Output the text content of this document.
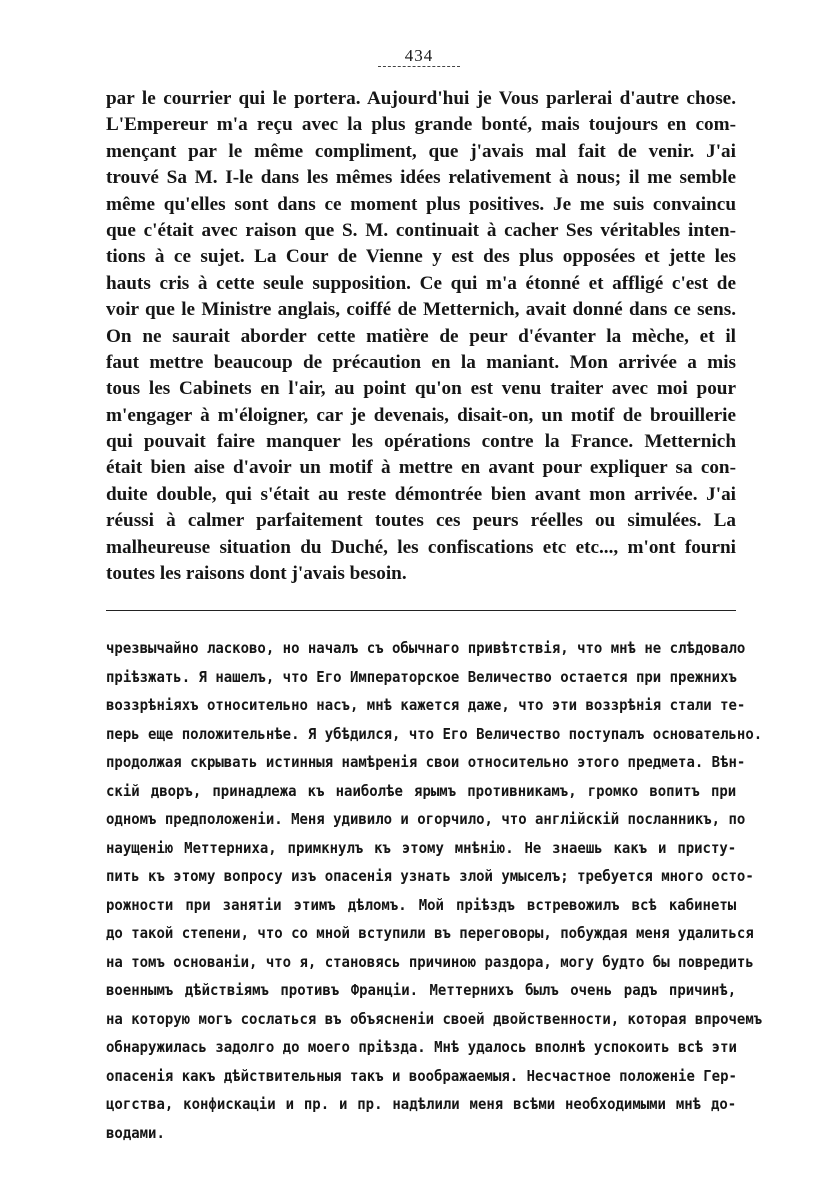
434
par le courrier qui le portera. Aujourd'hui je Vous parlerai d'autre chose.
L'Empereur m'a reçu avec la plus grande bonté, mais toujours en com-
mençant par le même compliment, que j'avais mal fait de venir. J'ai
trouvé Sa M. I-le dans les mêmes idées relativement à nous; il me semble
même qu'elles sont dans ce moment plus positives. Je me suis convaincu
que c'était avec raison que S. M. continuait à cacher Ses véritables inten-
tions à ce sujet. La Cour de Vienne y est des plus opposées et jette les
hauts cris à cette seule supposition. Ce qui m'a étonné et affligé c'est de
voir que le Ministre anglais, coiffé de Metternich, avait donné dans ce sens.
On ne saurait aborder cette matière de peur d'évanter la mèche, et il
faut mettre beaucoup de précaution en la maniant. Mon arrivée a mis
tous les Cabinets en l'air, au point qu'on est venu traiter avec moi pour
m'engager à m'éloigner, car je devenais, disait-on, un motif de brouillerie
qui pouvait faire manquer les opérations contre la France. Metternich
était bien aise d'avoir un motif à mettre en avant pour expliquer sa con-
duite double, qui s'était au reste démontrée bien avant mon arrivée. J'ai
réussi à calmer parfaitement toutes ces peurs réelles ou simulées. La
malheureuse situation du Duché, les confiscations etc etc..., m'ont fourni
toutes les raisons dont j'avais besoin.
чрезвычайно ласково, но началъ съ обычнаго привѣтствія, что мнѣ не слѣдовало
пріѣзжать. Я нашелъ, что Его Императорское Величество остается при прежнихъ
воззрѣніяхъ относительно насъ, мнѣ кажется даже, что эти воззрѣнія стали те-
перь еще положительнѣе. Я убѣдился, что Его Величество поступалъ основательно.
продолжая скрывать истинныя намѣренія свои относительно этого предмета. Вѣн-
скій дворъ, принадлежа къ наиболѣе ярымъ противникамъ, громко вопитъ при
одномъ предположеніи. Меня удивило и огорчило, что англійскій посланникъ, по
наущенію Меттерниха, примкнулъ къ этому мнѣнію. Не знаешь какъ и присту-
пить къ этому вопросу изъ опасенія узнать злой умыселъ; требуется много осто-
рожности при занятіи этимъ дѣломъ. Мой пріѣздъ встревожилъ всѣ кабинеты
до такой степени, что со мной вступили въ переговоры, побуждая меня удалиться
на томъ основаніи, что я, становясь причиною раздора, могу будто бы повредить
военнымъ дѣйствіямъ противъ Франціи. Меттернихъ былъ очень радъ причинѣ,
на которую могъ сослаться въ объясненіи своей двойственности, которая впрочемъ
обнаружилась задолго до моего пріѣзда. Мнѣ удалось вполнѣ успокоить всѣ эти
опасенія какъ дѣйствительныя такъ и воображаемыя. Несчастное положеніе Гер-
цогства, конфискаціи и пр. и пр. надѣлили меня всѣми необходимыми мнѣ до-
водами.
